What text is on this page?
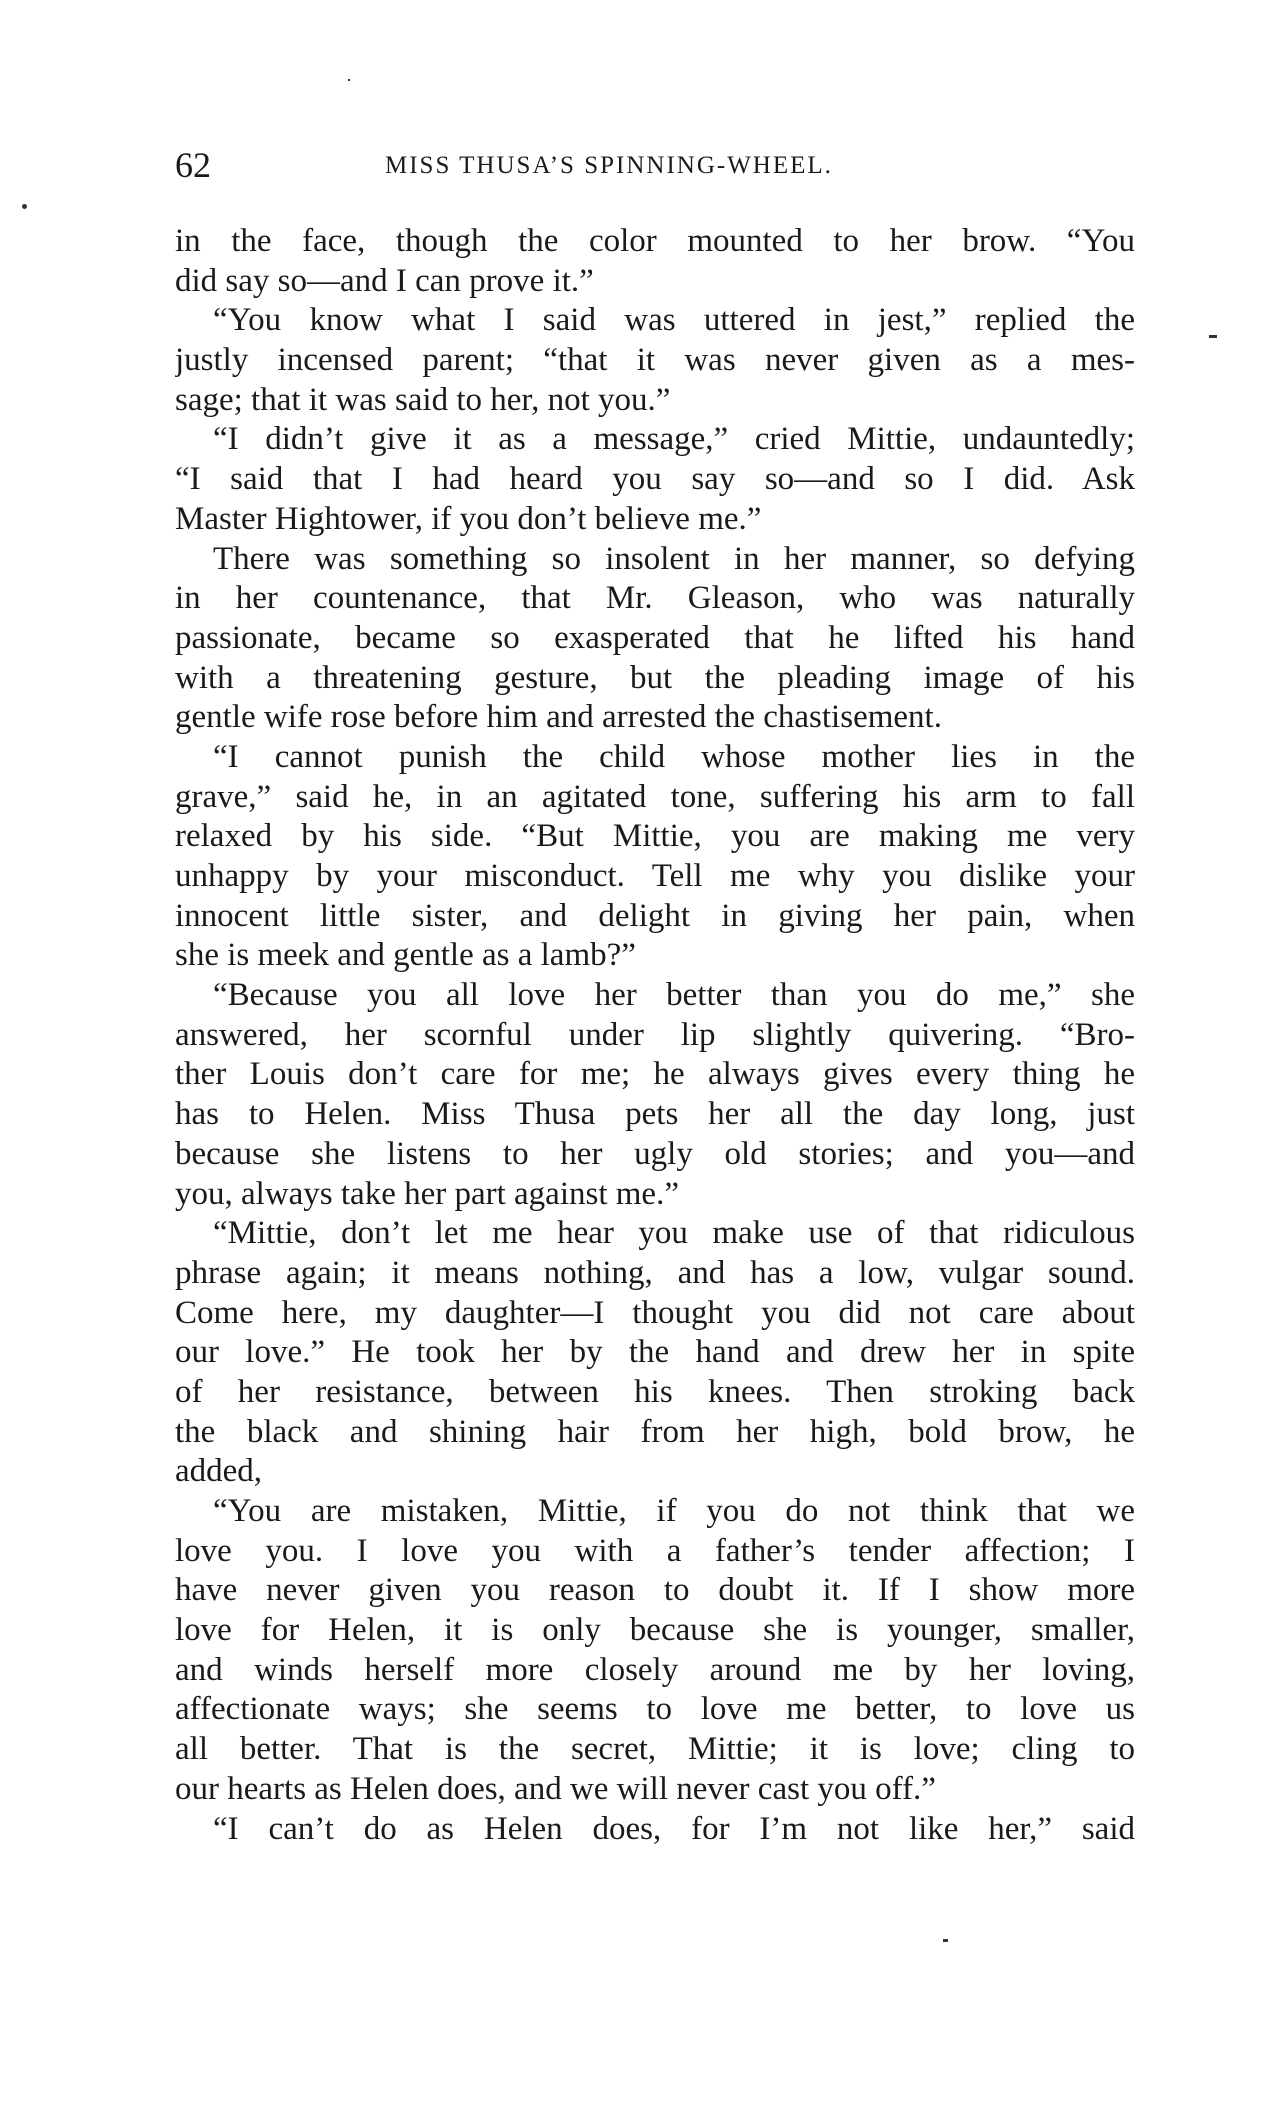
62	MISS THUSA’S SPINNING-WHEEL.
in the face, though the color mounted to her brow. “You
did say so—and I can prove it.”
“You know what I said was uttered in jest,” replied the
justly incensed parent; “that it was never given as a mes-
sage; that it was said to her, not you.”
“I didn’t give it as a message,” cried Mittie, undauntedly;
“I said that I had heard you say so—and so I did. Ask
Master Hightower, if you don’t believe me.”
There was something so insolent in her manner, so defying
in her countenance, that Mr. Gleason, who was naturally
passionate, became so exasperated that he lifted his hand
with a threatening gesture, but the pleading image of his
gentle wife rose before him and arrested the chastisement.
“I cannot punish the child whose mother lies in the
grave,” said he, in an agitated tone, suffering his arm to fall
relaxed by his side. “But Mittie, you are making me very
unhappy by your misconduct. Tell me why you dislike your
innocent little sister, and delight in giving her pain, when
she is meek and gentle as a lamb?”
“Because you all love her better than you do me,” she
answered, her scornful under lip slightly quivering. “Bro-
ther Louis don’t care for me; he always gives every thing he
has to Helen. Miss Thusa pets her all the day long, just
because she listens to her ugly old stories; and you—and
you, always take her part against me.”
“Mittie, don’t let me hear you make use of that ridiculous
phrase again; it means nothing, and has a low, vulgar sound.
Come here, my daughter—I thought you did not care about
our love.” He took her by the hand and drew her in spite
of her resistance, between his knees. Then stroking back
the black and shining hair from her high, bold brow, he
added,
“You are mistaken, Mittie, if you do not think that we
love you. I love you with a father’s tender affection; I
have never given you reason to doubt it. If I show more
love for Helen, it is only because she is younger, smaller,
and winds herself more closely around me by her loving,
affectionate ways; she seems to love me better, to love us
all better. That is the secret, Mittie; it is love; cling to
our hearts as Helen does, and we will never cast you off.”
“I can’t do as Helen does, for I’m not like her,” said
